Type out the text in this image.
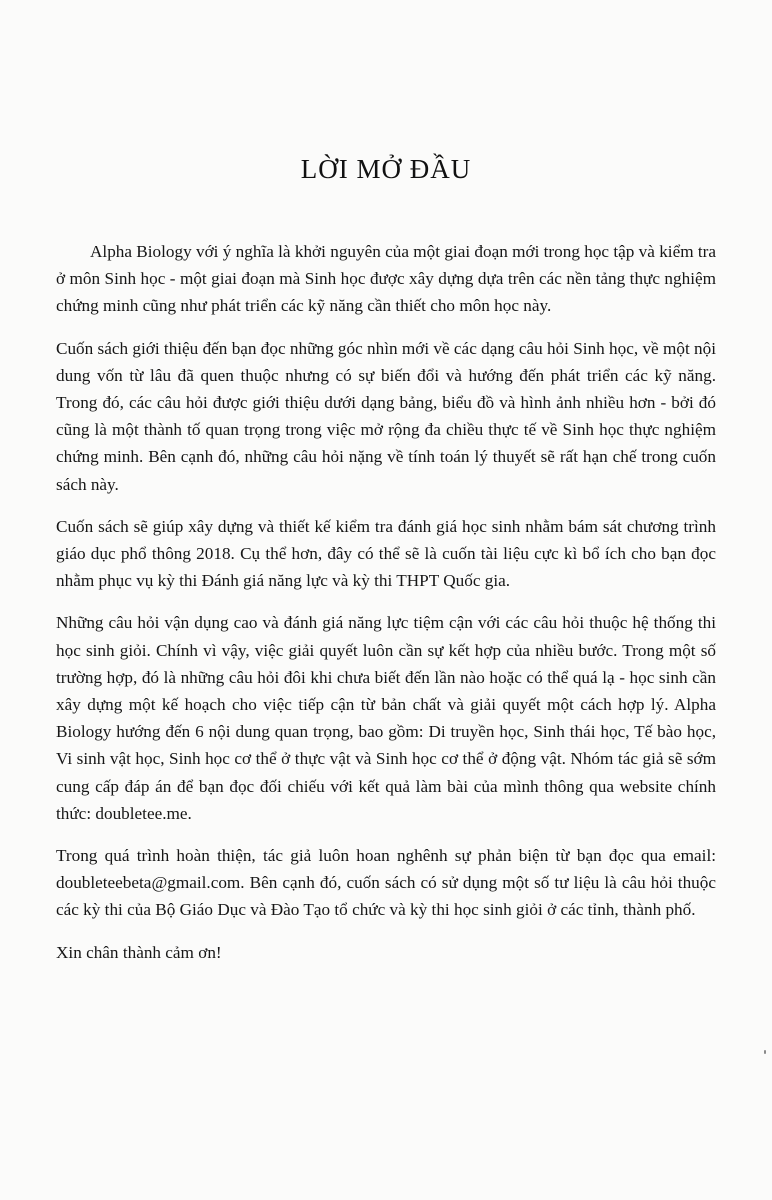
LỜI MỞ ĐẦU

Alpha Biology với ý nghĩa là khởi nguyên của một giai đoạn mới trong học tập và kiểm tra ở môn Sinh học - một giai đoạn mà Sinh học được xây dựng dựa trên các nền tảng thực nghiệm chứng minh cũng như phát triển các kỹ năng cần thiết cho môn học này.

Cuốn sách giới thiệu đến bạn đọc những góc nhìn mới về các dạng câu hỏi Sinh học, về một nội dung vốn từ lâu đã quen thuộc nhưng có sự biến đổi và hướng đến phát triển các kỹ năng. Trong đó, các câu hỏi được giới thiệu dưới dạng bảng, biểu đồ và hình ảnh nhiều hơn - bởi đó cũng là một thành tố quan trọng trong việc mở rộng đa chiều thực tế về Sinh học thực nghiệm chứng minh. Bên cạnh đó, những câu hỏi nặng về tính toán lý thuyết sẽ rất hạn chế trong cuốn sách này.

Cuốn sách sẽ giúp xây dựng và thiết kế kiểm tra đánh giá học sinh nhằm bám sát chương trình giáo dục phổ thông 2018. Cụ thể hơn, đây có thể sẽ là cuốn tài liệu cực kì bổ ích cho bạn đọc nhằm phục vụ kỳ thi Đánh giá năng lực và kỳ thi THPT Quốc gia.

Những câu hỏi vận dụng cao và đánh giá năng lực tiệm cận với các câu hỏi thuộc hệ thống thi học sinh giỏi. Chính vì vậy, việc giải quyết luôn cần sự kết hợp của nhiều bước. Trong một số trường hợp, đó là những câu hỏi đôi khi chưa biết đến lần nào hoặc có thể quá lạ - học sinh cần xây dựng một kế hoạch cho việc tiếp cận từ bản chất và giải quyết một cách hợp lý. Alpha Biology hướng đến 6 nội dung quan trọng, bao gồm: Di truyền học, Sinh thái học, Tế bào học, Vi sinh vật học, Sinh học cơ thể ở thực vật và Sinh học cơ thể ở động vật. Nhóm tác giả sẽ sớm cung cấp đáp án để bạn đọc đối chiếu với kết quả làm bài của mình thông qua website chính thức: doubletee.me.

Trong quá trình hoàn thiện, tác giả luôn hoan nghênh sự phản biện từ bạn đọc qua email: doubleteebeta@gmail.com. Bên cạnh đó, cuốn sách có sử dụng một số tư liệu là câu hỏi thuộc các kỳ thi của Bộ Giáo Dục và Đào Tạo tổ chức và kỳ thi học sinh giỏi ở các tỉnh, thành phố.

Xin chân thành cảm ơn!
